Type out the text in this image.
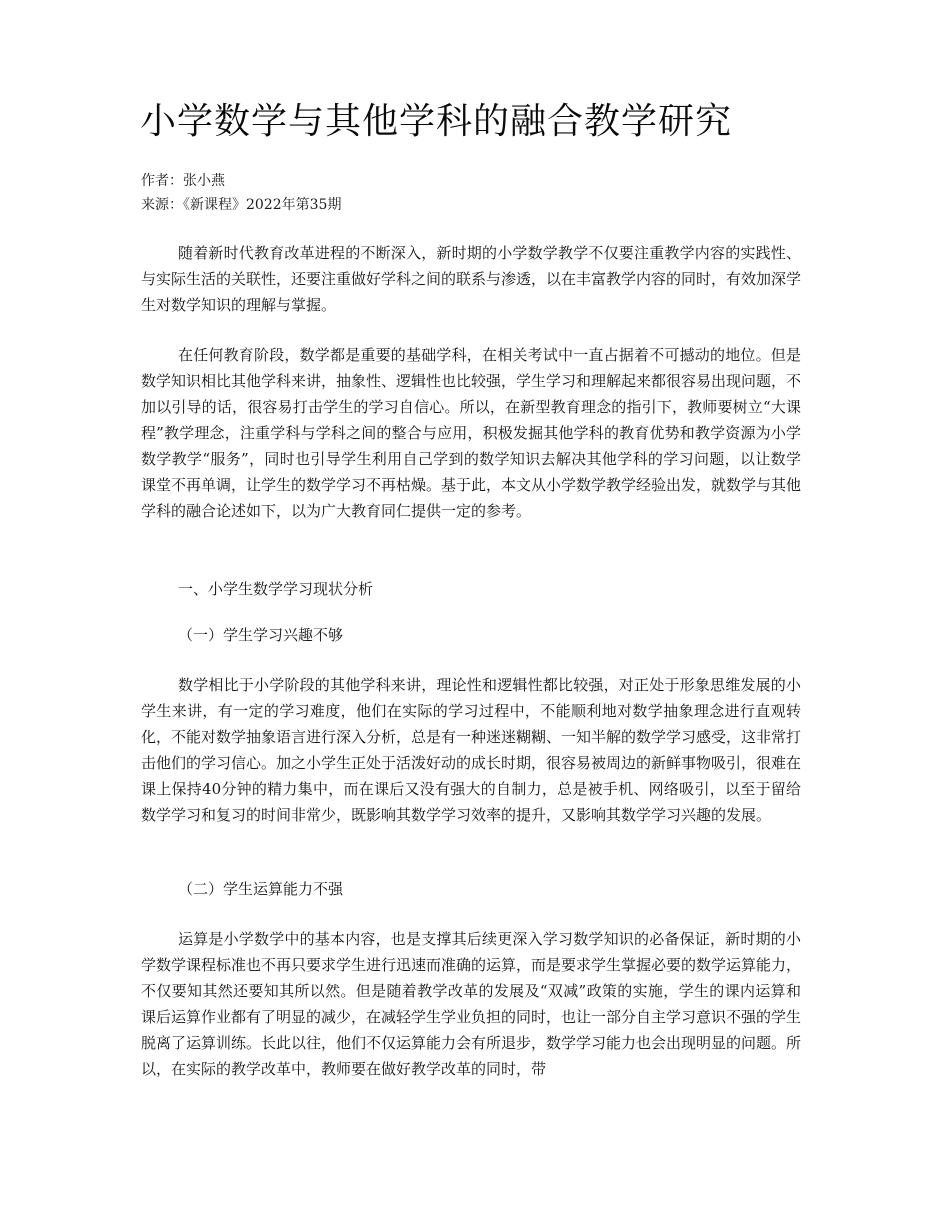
小学数学与其他学科的融合教学研究
作者：张小燕
来源：《新课程》2022年第35期

随着新时代教育改革进程的不断深入，新时期的小学数学教学不仅要注重教学内容的实践性、与实际生活的关联性，还要注重做好学科之间的联系与渗透，以在丰富教学内容的同时，有效加深学生对数学知识的理解与掌握。

在任何教育阶段，数学都是重要的基础学科，在相关考试中一直占据着不可撼动的地位。但是数学知识相比其他学科来讲，抽象性、逻辑性也比较强，学生学习和理解起来都很容易出现问题，不加以引导的话，很容易打击学生的学习自信心。所以，在新型教育理念的指引下，教师要树立“大课程”教学理念，注重学科与学科之间的整合与应用，积极发掘其他学科的教育优势和教学资源为小学数学教学“服务”，同时也引导学生利用自己学到的数学知识去解决其他学科的学习问题，以让数学课堂不再单调，让学生的数学学习不再枯燥。基于此，本文从小学数学教学经验出发，就数学与其他学科的融合论述如下，以为广大教育同仁提供一定的参考。

一、小学生数学学习现状分析

（一）学生学习兴趣不够

数学相比于小学阶段的其他学科来讲，理论性和逻辑性都比较强，对正处于形象思维发展的小学生来讲，有一定的学习难度，他们在实际的学习过程中，不能顺利地对数学抽象理念进行直观转化，不能对数学抽象语言进行深入分析，总是有一种迷迷糊糊、一知半解的数学学习感受，这非常打击他们的学习信心。加之小学生正处于活泼好动的成长时期，很容易被周边的新鲜事物吸引，很难在课上保持40分钟的精力集中，而在课后又没有强大的自制力，总是被手机、网络吸引，以至于留给数学学习和复习的时间非常少，既影响其数学学习效率的提升，又影响其数学学习兴趣的发展。

（二）学生运算能力不强

运算是小学数学中的基本内容，也是支撑其后续更深入学习数学知识的必备保证，新时期的小学数学课程标准也不再只要求学生进行迅速而准确的运算，而是要求学生掌握必要的数学运算能力，不仅要知其然还要知其所以然。但是随着教学改革的发展及“双减”政策的实施，学生的课内运算和课后运算作业都有了明显的减少，在减轻学生学业负担的同时，也让一部分自主学习意识不强的学生脱离了运算训练。长此以往，他们不仅运算能力会有所退步，数学学习能力也会出现明显的问题。所以，在实际的教学改革中，教师要在做好教学改革的同时，带
